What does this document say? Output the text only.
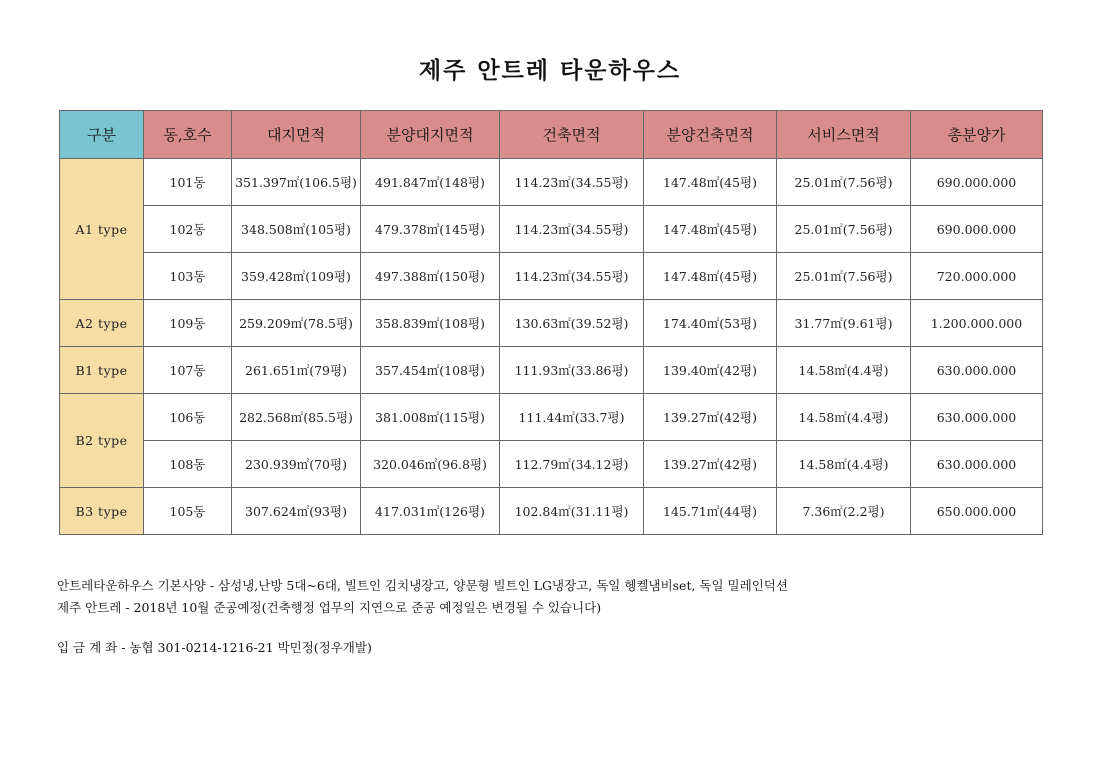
제주 안트레 타운하우스
구분	동,호수	대지면적	분양대지면적	건축면적	분양건축면적	서비스면적	총분양가
A1 type	101동	351.397㎡(106.5평)	491.847㎡(148평)	114.23㎡(34.55평)	147.48㎡(45평)	25.01㎡(7.56평)	690.000.000
	102동	348.508㎡(105평)	479.378㎡(145평)	114.23㎡(34.55평)	147.48㎡(45평)	25.01㎡(7.56평)	690.000.000
	103동	359.428㎡(109평)	497.388㎡(150평)	114.23㎡(34.55평)	147.48㎡(45평)	25.01㎡(7.56평)	720.000.000
A2 type	109동	259.209㎡(78.5평)	358.839㎡(108평)	130.63㎡(39.52평)	174.40㎡(53평)	31.77㎡(9.61평)	1.200.000.000
B1 type	107동	261.651㎡(79평)	357.454㎡(108평)	111.93㎡(33.86평)	139.40㎡(42평)	14.58㎡(4.4평)	630.000.000
B2 type	106동	282.568㎡(85.5평)	381.008㎡(115평)	111.44㎡(33.7평)	139.27㎡(42평)	14.58㎡(4.4평)	630.000.000
	108동	230.939㎡(70평)	320.046㎡(96.8평)	112.79㎡(34.12평)	139.27㎡(42평)	14.58㎡(4.4평)	630.000.000
B3 type	105동	307.624㎡(93평)	417.031㎡(126평)	102.84㎡(31.11평)	145.71㎡(44평)	7.36㎡(2.2평)	650.000.000
안트레타운하우스 기본사양 - 삼성냉,난방 5대~6대, 빌트인 김치냉장고, 양문형 빌트인 LG냉장고, 독일 헹켈냄비set, 독일 밀레인덕션
제주 안트레 - 2018년 10월 준공예정(건축행정 업무의 지연으로 준공 예정일은 변경될 수 있습니다)
입 금 계 좌 - 농협 301-0214-1216-21 박민정(정우개발)
